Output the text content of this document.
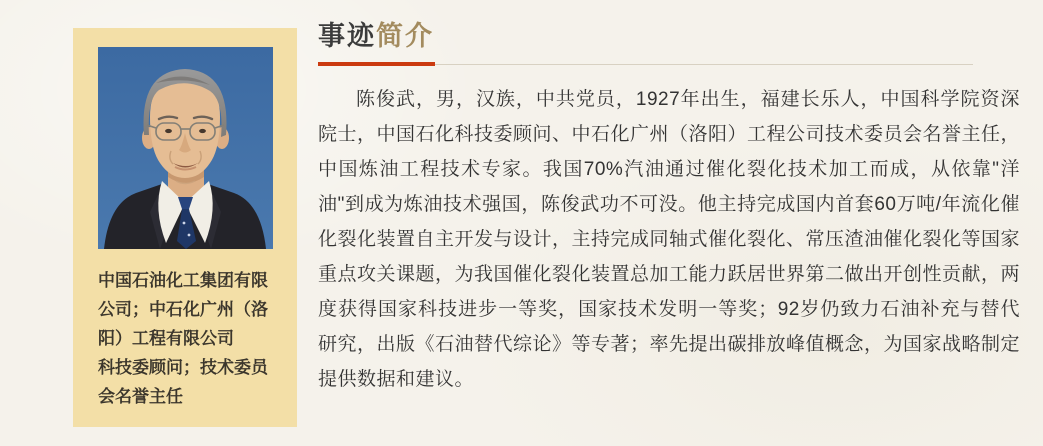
中国石油化工集团有限公司；中石化广州（洛阳）工程有限公司

科技委顾问；技术委员会名誉主任

事迹简介

陈俊武，男，汉族，中共党员，1927年出生，福建长乐人，中国科学院资深院士，中国石化科技委顾问、中石化广州（洛阳）工程公司技术委员会名誉主任，中国炼油工程技术专家。我国70%汽油通过催化裂化技术加工而成，从依靠"洋油"到成为炼油技术强国，陈俊武功不可没。他主持完成国内首套60万吨/年流化催化裂化装置自主开发与设计，主持完成同轴式催化裂化、常压渣油催化裂化等国家重点攻关课题，为我国催化裂化装置总加工能力跃居世界第二做出开创性贡献，两度获得国家科技进步一等奖，国家技术发明一等奖；92岁仍致力石油补充与替代研究，出版《石油替代综论》等专著；率先提出碳排放峰值概念，为国家战略制定提供数据和建议。
